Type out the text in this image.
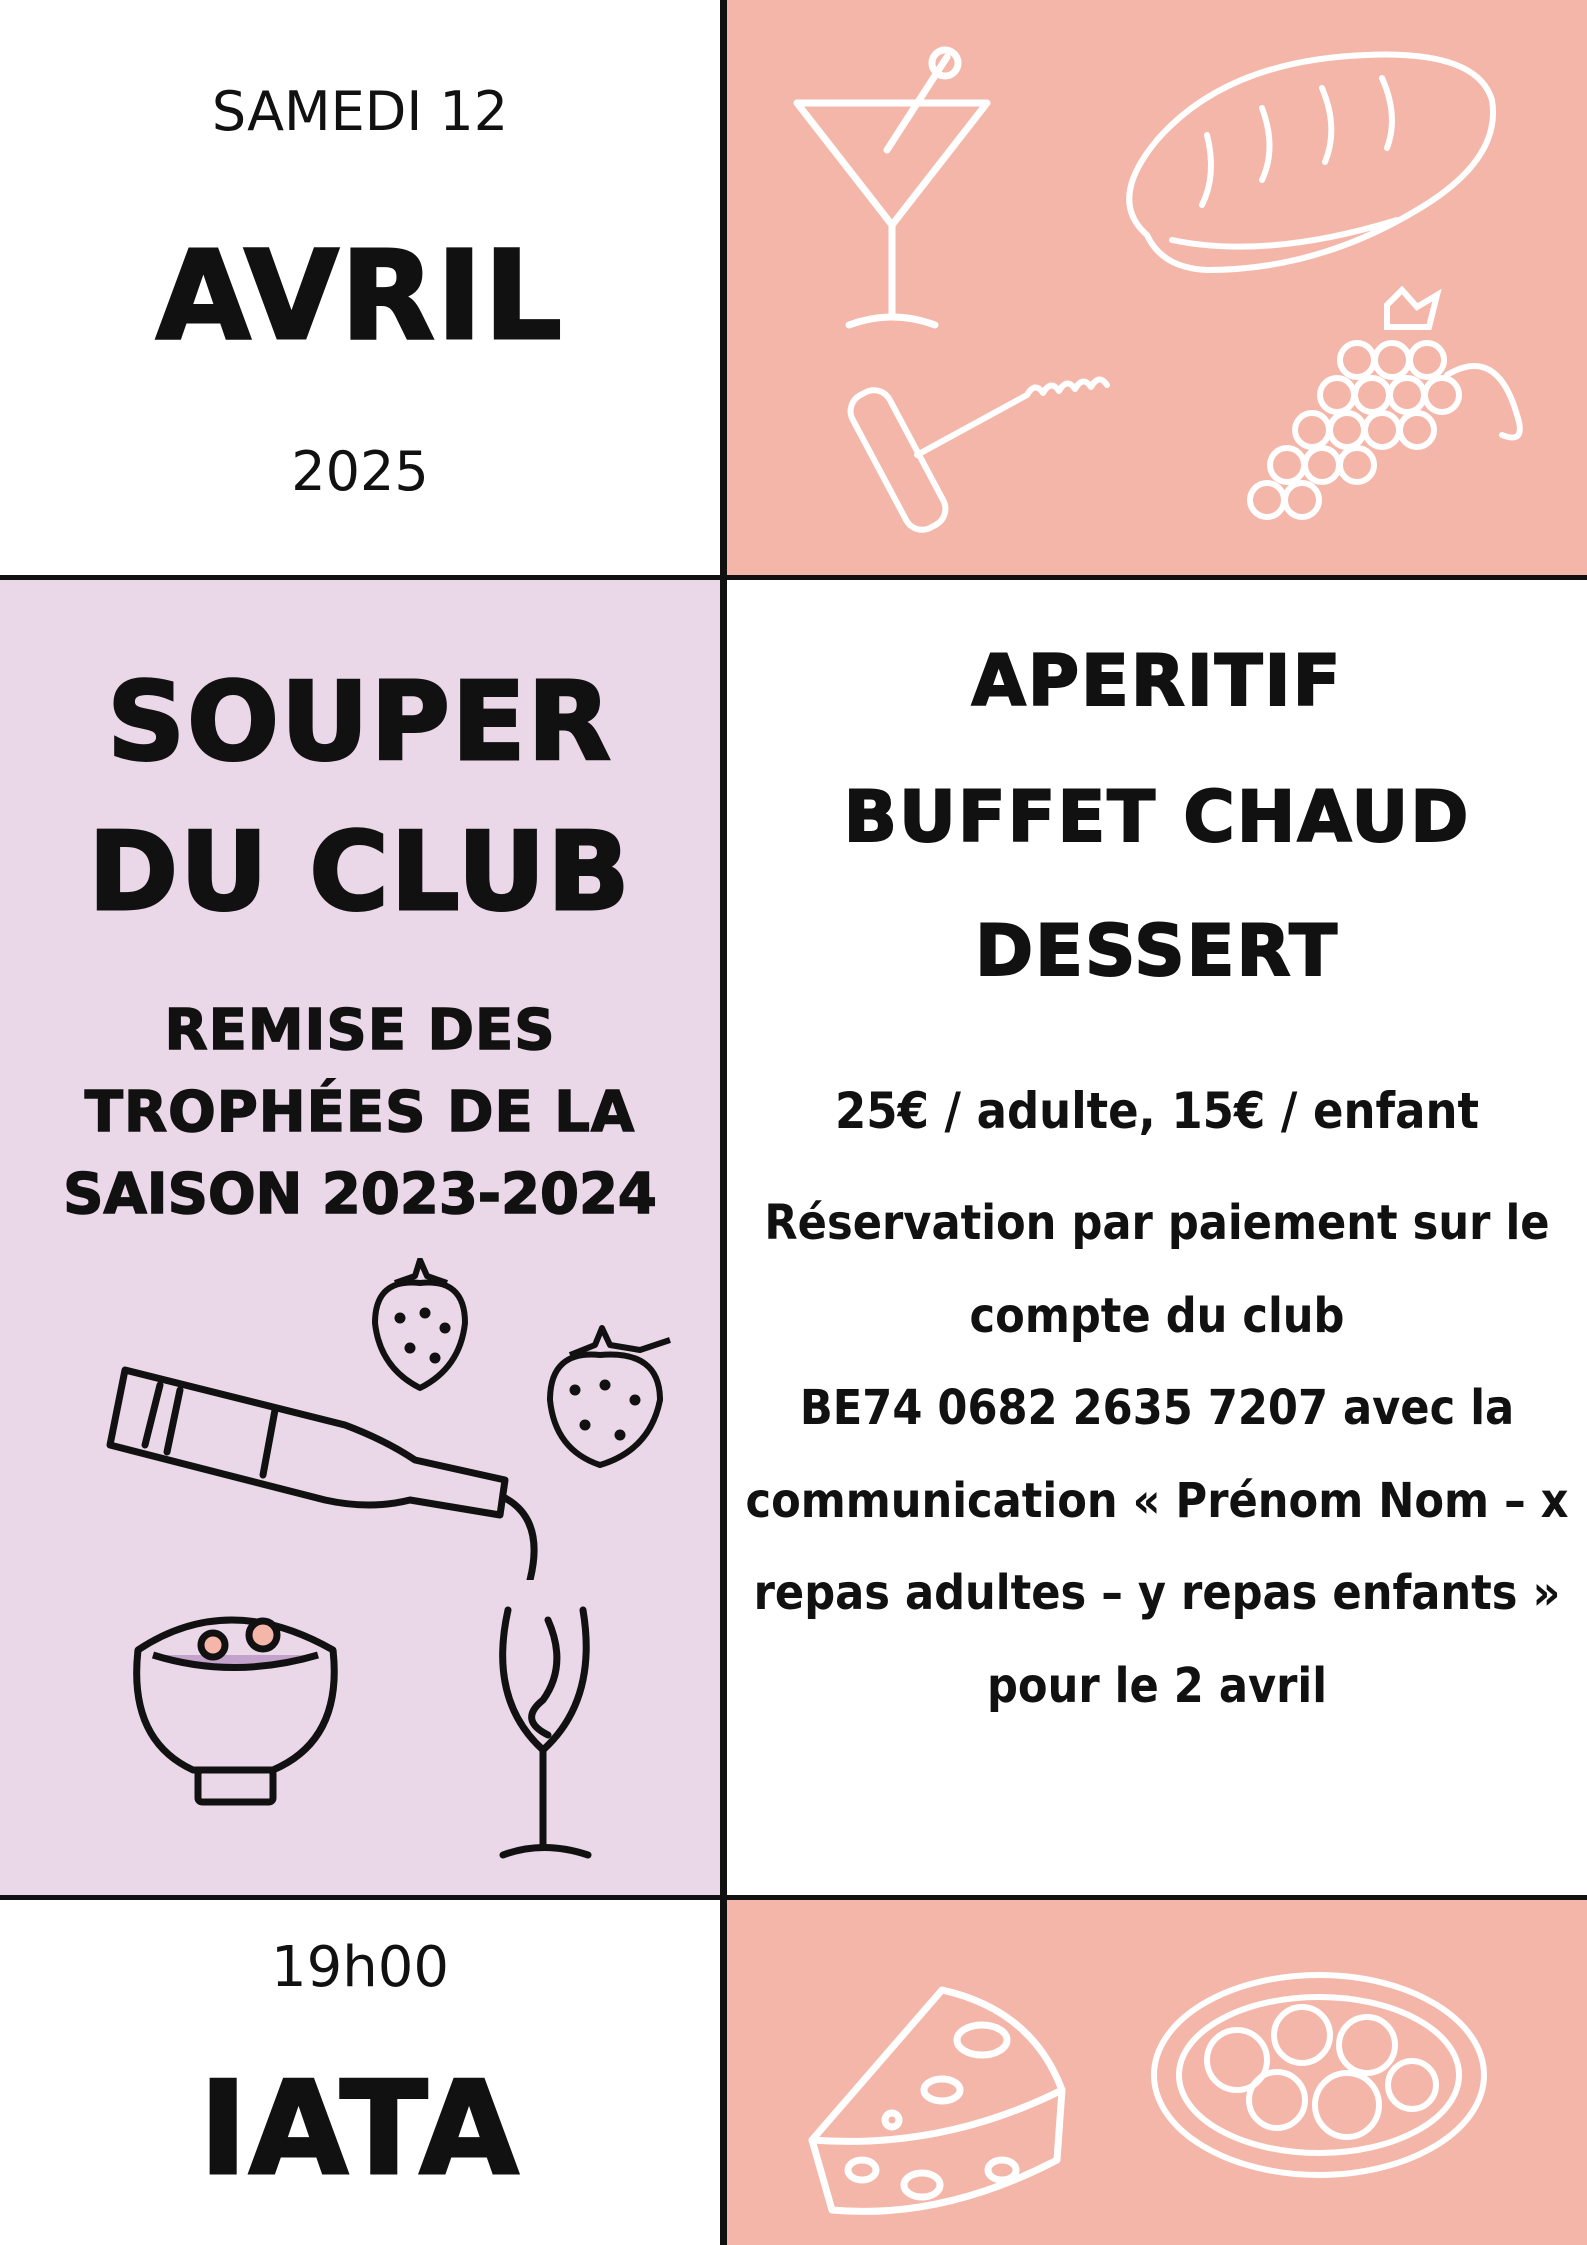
SAMEDI 12
AVRIL
2025
SOUPER
DU CLUB
REMISE DES
TROPHÉES DE LA
SAISON 2023-2024
APERITIF
BUFFET CHAUD
DESSERT
25€ / adulte, 15€ / enfant
Réservation par paiement sur le
compte du club
BE74 0682 2635 7207 avec la
communication « Prénom Nom – x
repas adultes – y repas enfants »
pour le 2 avril
19h00
IATA
